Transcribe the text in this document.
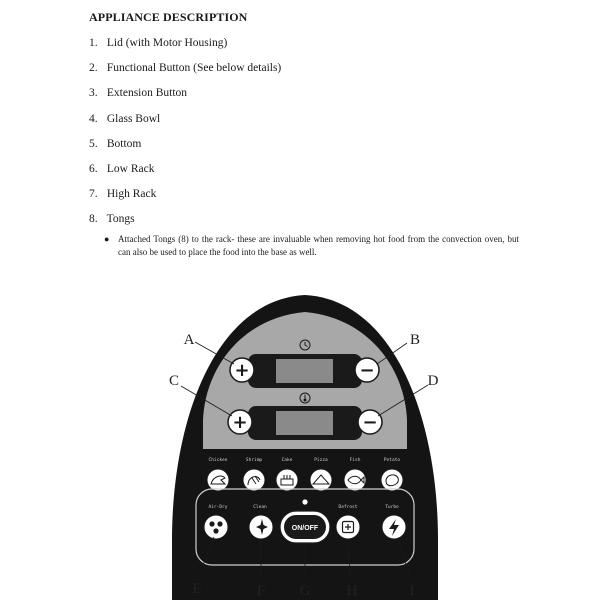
APPLIANCE DESCRIPTION
1. Lid (with Motor Housing)
2. Functional Button (See below details)
3. Extension Button
4. Glass Bowl
5. Bottom
6. Low Rack
7. High Rack
8. Tongs
● Attached Tongs (8) to the rack- these are invaluable when removing hot food from the convection oven, but can also be used to place the food into the base as well.
+	−
+	−
Chicken	Shrimp	Cake	Pizza	Fish	Potato
Air-Dry	Clean	Defrost	Turbo
ON/OFF
A	B
C	D
E	F G H	I
